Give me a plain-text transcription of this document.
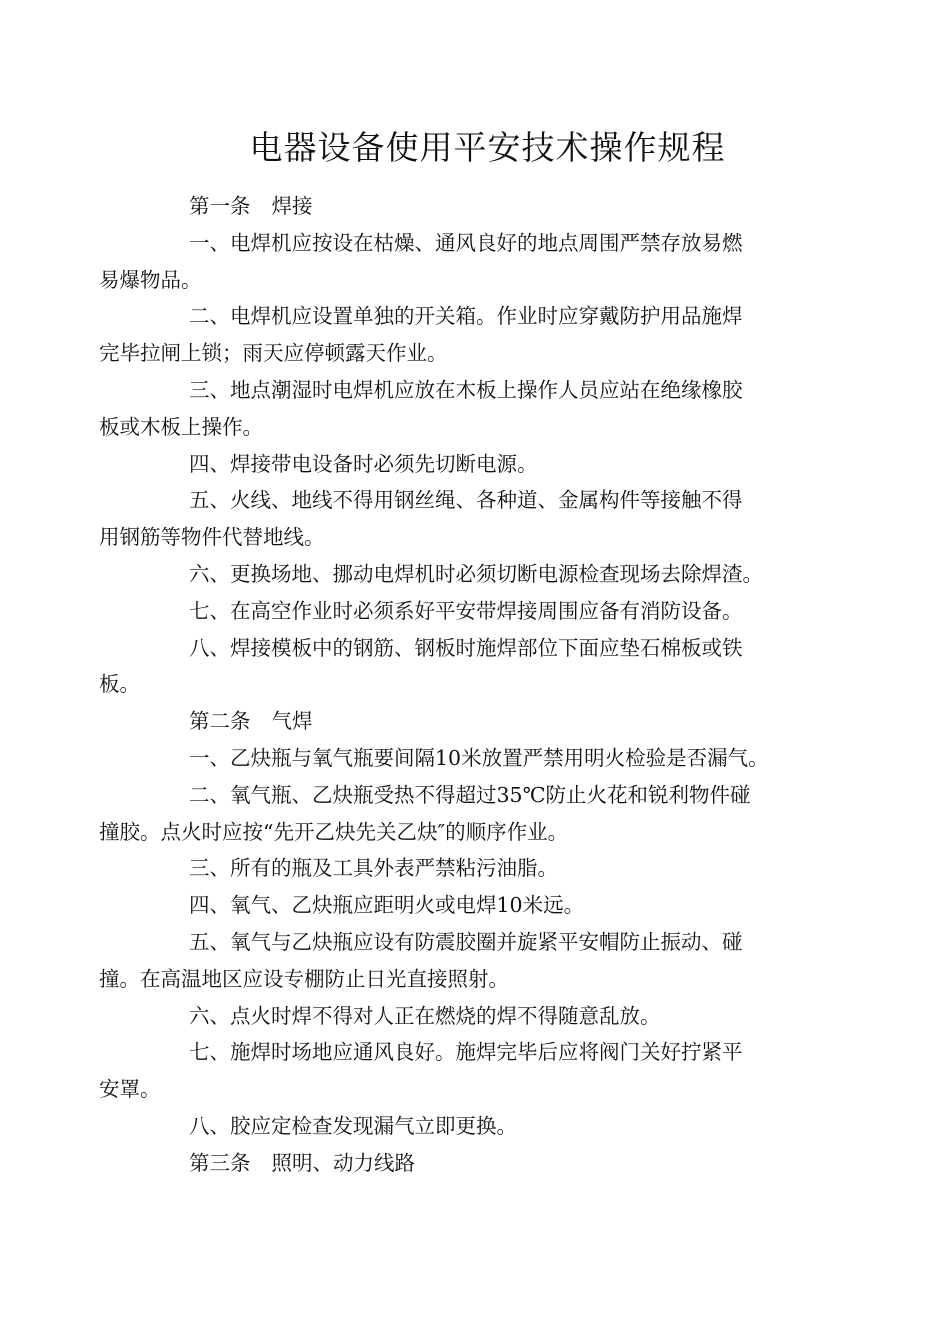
电器设备使用平安技术操作规程

第一条 焊接

一、电焊机应按设在枯燥、通风良好的地点周围严禁存放易燃
易爆物品。

二、电焊机应设置单独的开关箱。作业时应穿戴防护用品施焊
完毕拉闸上锁；雨天应停顿露天作业。

三、地点潮湿时电焊机应放在木板上操作人员应站在绝缘橡胶
板或木板上操作。

四、焊接带电设备时必须先切断电源。

五、火线、地线不得用钢丝绳、各种道、金属构件等接触不得
用钢筋等物件代替地线。

六、更换场地、挪动电焊机时必须切断电源检查现场去除焊渣。

七、在高空作业时必须系好平安带焊接周围应备有消防设备。

八、焊接模板中的钢筋、钢板时施焊部位下面应垫石棉板或铁
板。

第二条 气焊

一、乙炔瓶与氧气瓶要间隔10米放置严禁用明火检验是否漏气。

二、氧气瓶、乙炔瓶受热不得超过35℃防止火花和锐利物件碰
撞胶。点火时应按“先开乙炔先关乙炔″的顺序作业。

三、所有的瓶及工具外表严禁粘污油脂。

四、氧气、乙炔瓶应距明火或电焊10米远。

五、氧气与乙炔瓶应设有防震胶圈并旋紧平安帽防止振动、碰
撞。在高温地区应设专棚防止日光直接照射。

六、点火时焊不得对人正在燃烧的焊不得随意乱放。

七、施焊时场地应通风良好。施焊完毕后应将阀门关好拧紧平
安罩。

八、胶应定检查发现漏气立即更换。

第三条 照明、动力线路
